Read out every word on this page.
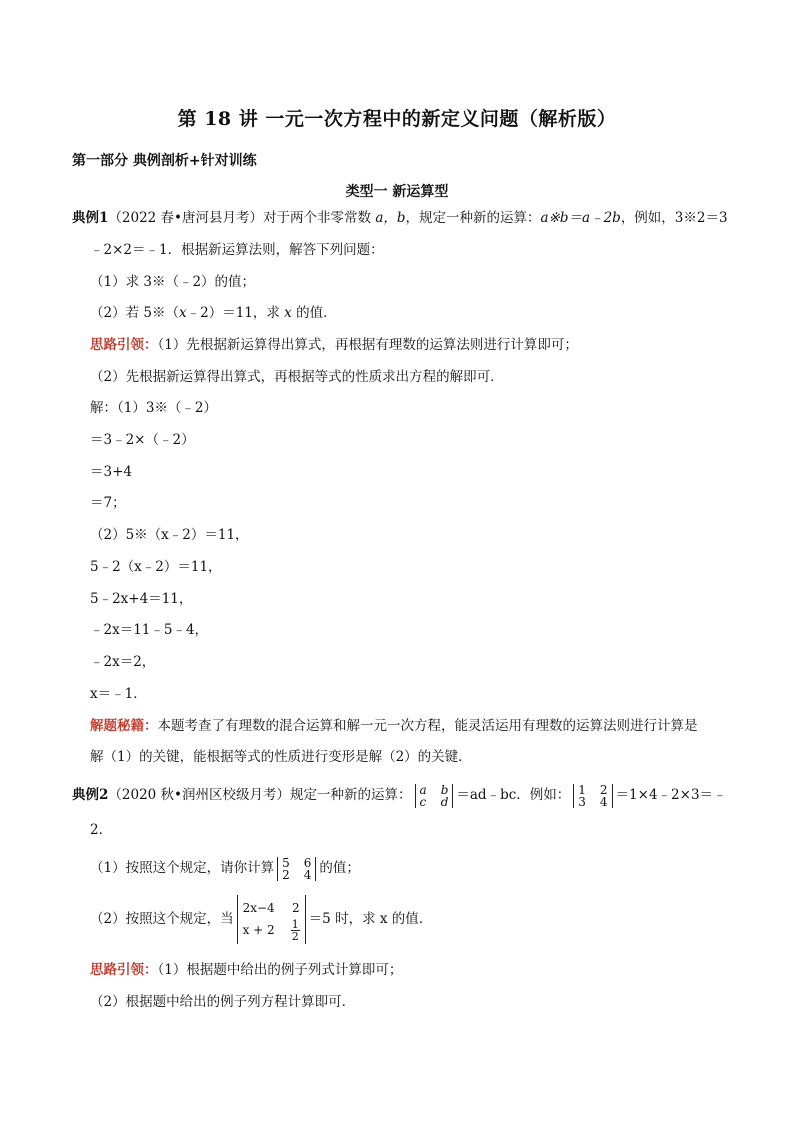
第 18 讲 一元一次方程中的新定义问题（解析版）
第一部分 典例剖析+针对训练
类型一 新运算型
典例1（2022 春•唐河县月考）对于两个非零常数 a，b，规定一种新的运算：a※b＝a﹣2b，例如，3※2＝3
﹣2×2＝﹣1．根据新运算法则，解答下列问题：
（1）求 3※（﹣2）的值；
（2）若 5※（x﹣2）＝11，求 x 的值．
思路引领：（1）先根据新运算得出算式，再根据有理数的运算法则进行计算即可；
（2）先根据新运算得出算式，再根据等式的性质求出方程的解即可．
解：（1）3※（﹣2）
＝3﹣2×（﹣2）
＝3+4
＝7；
（2）5※（x﹣2）＝11，
5﹣2（x﹣2）＝11，
5﹣2x+4＝11，
﹣2x＝11﹣5﹣4，
﹣2x＝2，
x＝﹣1．
解题秘籍：本题考查了有理数的混合运算和解一元一次方程，能灵活运用有理数的运算法则进行计算是
解（1）的关键，能根据等式的性质进行变形是解（2）的关键．
典例2（2020 秋•润州区校级月考）规定一种新的运算： a b
c d ＝ad﹣bc．例如： 1 2
3 4 ＝1×4﹣2×3＝﹣
2．
（1）按照这个规定，请你计算 5 6
2 4 的值；
（2）按照这个规定，当
2x−4 2
$x + 2 \frac{1}{2} =5$ 时，求 x 的值．
思路引领：（1）根据题中给出的例子列式计算即可；
（2）根据题中给出的例子列方程计算即可．
